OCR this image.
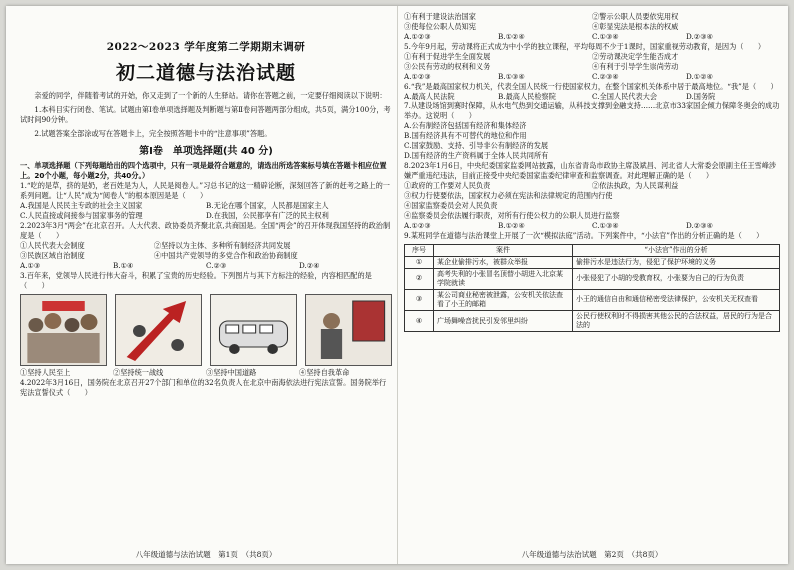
2022～2023 学年度第二学期期末调研

初二道德与法治试题

亲爱的同学，伴随着考试的开始，你又走到了一个新的人生驿站。请你在答题之前，一定要仔细阅读以下说明：

1.本科目实行闭卷、笔试。试题由第Ⅰ卷单项选择题及判断题与第Ⅱ卷问答题两部分组成，共5页，满分100分，考试时间90分钟。

2.试题答案全部涂或写在答题卡上，完全按照答题卡中的“注意事项”答题。

第Ⅰ卷　单项选择题(共 40 分)

一、单项选择题（下列每题给出的四个选项中，只有一项是最符合题意的，请选出所选答案标号填在答题卡相应位置上。20个小题，每小题2分，共40分。）

1.“吃的是草，挤的是奶，老百姓是为人，人民是阅卷人。”习总书记的这一精辟论断，深刻回答了新的赶考之路上的一系列问题。让“人民”成为“阅卷人”的根本原因是是（　　）

A.我国是人民民主专政的社会主义国家	B.无论在哪个国家，人民都是国家主人
C.人民直接或间接参与国家事务的管理	D.在我国，公民都享有广泛的民主权利

2.2023年3月“两会”在北京召开。人大代表、政协委员齐聚北京,共商国是。全国“两会”的召开体现我国坚持的政治制度是（　　）

①人民代表大会制度	②坚持以为主体、多种所有制经济共同发展
③民族区域自治制度	④中国共产党领导的多党合作和政治协商制度
A.①③	B.①④	C.②③	D.②④

3.百年来，党领导人民进行伟大奋斗，积累了宝贵的历史经验。下列图片与其下方标注的经验，内容相匹配的是（　　）

①坚持人民至上	②坚持统一战线	③坚持中国道路	④坚持自我革命

4.2022年3月16日，国务院在北京召开27个部门和单位的32名负责人在北京中南海依法进行宪法宣誓。国务院举行宪法宣誓仪式（　　）

八年级道德与法治试题　第1页　（共8页）

①有利于建设法治国家	②警示公职人员要依宪用权
③使每位公职人员知宪	④彰显宪法是根本法的权威
A.①②③	B.①②④	C.①③④	D.②③④

5.今年9月起，劳动课将正式成为中小学的独立课程，平均每周不少于1课时，国家重视劳动教育，是因为（　　）

①有利于促进学生全面发展	②劳动课决定学生能否成才
③公民有劳动的权利和义务	④有利于引导学生崇尚劳动
A.①②③	B.①③④	C.②③④	D.①②④

6.“我”是最高国家权力机关，代表全国人民统一行使国家权力，在整个国家机关体系中居于最高地位。“我”是（　　）

A.最高人民法院	B.最高人民检察院	C.全国人民代表大会	D.国务院

7.从建设场馆到赛时保障，从水电气热到交通运输，从科技支撑到金融支持……北京市33家国企倾力保障冬奥会的成功举办。这说明（　　）

A.公有制经济包括国有经济和集体经济

B.国有经济具有不可替代的地位和作用

C.国家鼓励、支持、引导非公有制经济的发展

D.国有经济的生产资料属于全体人民共同所有

8.2023年1月6日，中央纪委国家监委网站披露，山东省青岛市政协主席汲斌昌、河北省人大常委会原副主任王雪峰涉嫌严重违纪违法，目前正接受中央纪委国家监委纪律审查和监察调查。对此理解正确的是（　　）

①政府的工作要对人民负责	②依法执政，为人民谋利益

③权力行使要依法，国家权力必须在宪法和法律规定的范围内行使

④国家监察委员会对人民负责

④监察委员会依法履行职责，对所有行使公权力的公职人员进行监察

A.①②③	B.①②④	C.①③④	D.②③④

9.某班同学在道德与法治课堂上开展了一次“模拟法庭”活动。下列案件中，“小法官”作出的分析正确的是（　　）

序号	案件	“小法官”作出的分析
①	某企业偷排污水，被群众举报	偷排污水是违法行为，侵犯了保护环境的义务
②	高考失利的小张冒名顶替小胡进入北京某学院就读	小张侵犯了小胡的受教育权，小张要为自己的行为负责
③	某公司商业秘密被泄露，公安机关依法查看了小王的邮箱	小王的通信自由和通信秘密受法律保护，公安机关无权查看
④	广场舞噪音扰民引发邻里纠纷	公民行使权利时不得损害其他公民的合法权益，居民的行为是合法的

八年级道德与法治试题　第2页　（共8页）
